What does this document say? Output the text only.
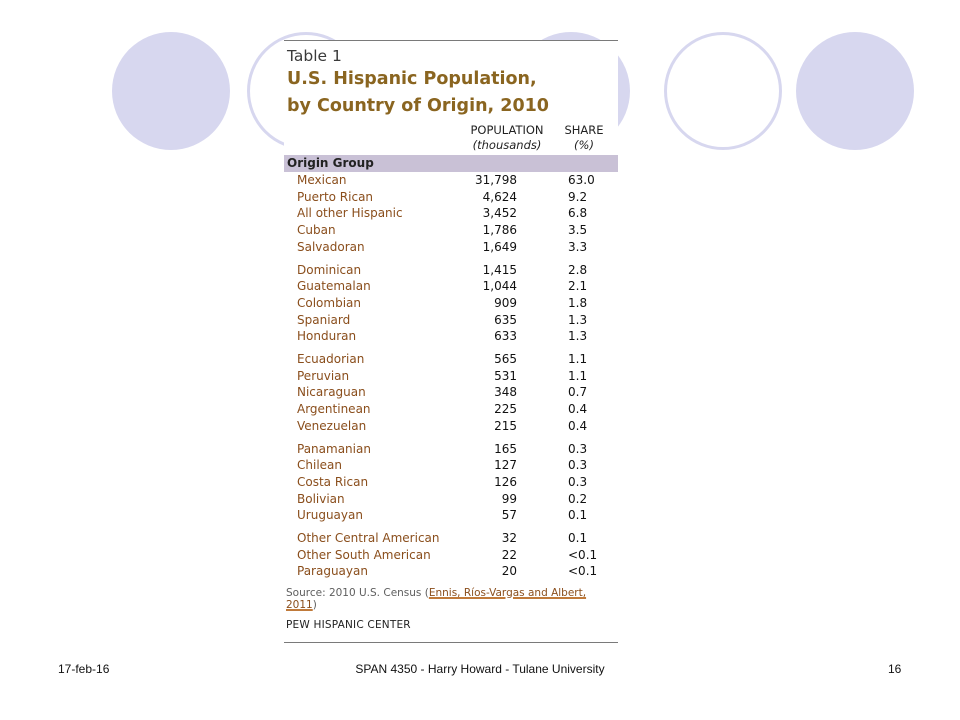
Table 1
U.S. Hispanic Population,
by Country of Origin, 2010
POPULATION
(thousands)
SHARE
(%)
Origin Group
Mexican	31,798	63.0
Puerto Rican	4,624	9.2
All other Hispanic	3,452	6.8
Cuban	1,786	3.5
Salvadoran	1,649	3.3
Dominican	1,415	2.8
Guatemalan	1,044	2.1
Colombian	909	1.8
Spaniard	635	1.3
Honduran	633	1.3
Ecuadorian	565	1.1
Peruvian	531	1.1
Nicaraguan	348	0.7
Argentinean	225	0.4
Venezuelan	215	0.4
Panamanian	165	0.3
Chilean	127	0.3
Costa Rican	126	0.3
Bolivian	99	0.2
Uruguayan	57	0.1
Other Central American	32	0.1
Other South American	22	<0.1
Paraguayan	20	<0.1
Source: 2010 U.S. Census (Ennis, Ríos-Vargas and Albert, 2011)
PEW HISPANIC CENTER
17-feb-16	SPAN 4350 - Harry Howard - Tulane University	16
